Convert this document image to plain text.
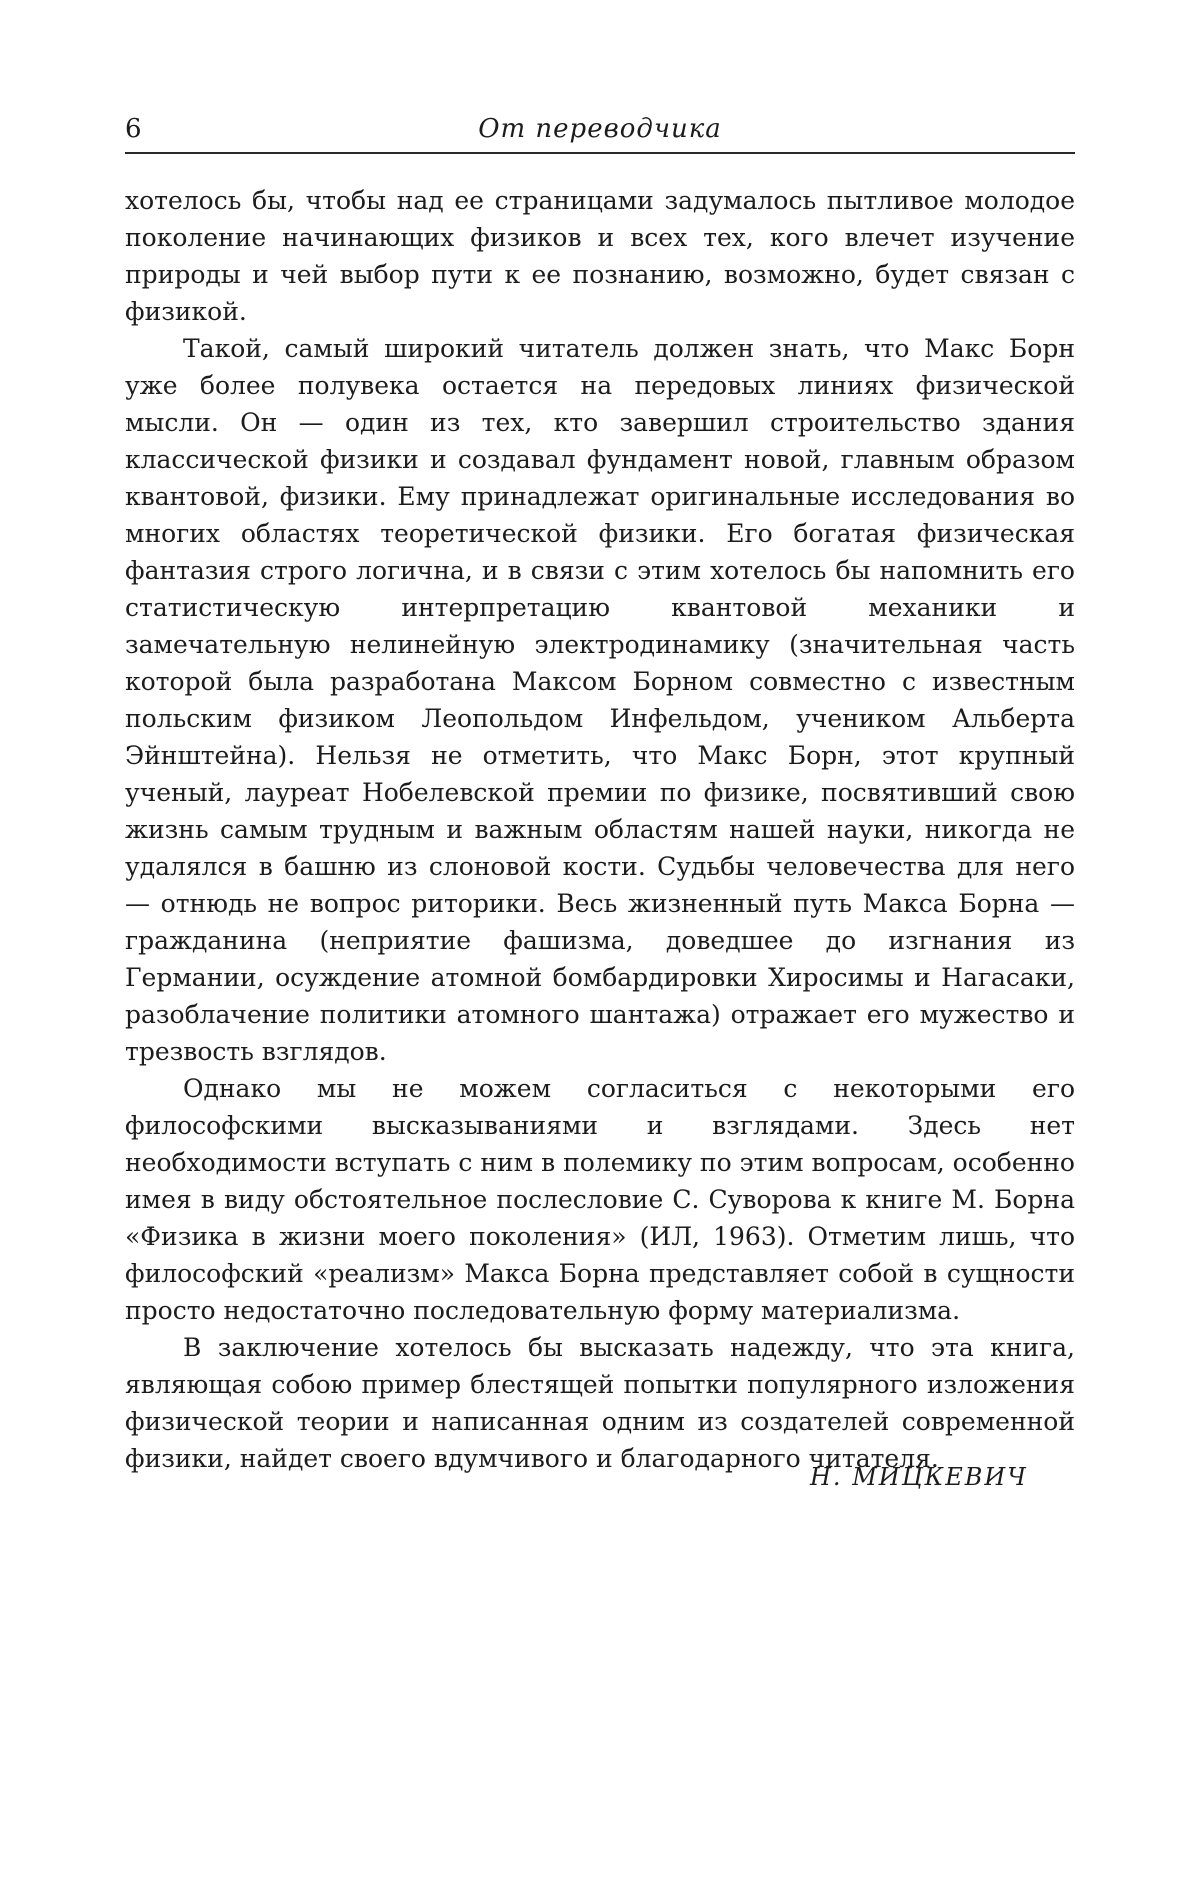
6	От переводчика

хотелось бы, чтобы над ее страницами задумалось пытливое молодое поколение начинающих физиков и всех тех, кого влечет изучение природы и чей выбор пути к ее познанию, возможно, будет связан с физикой.

Такой, самый широкий читатель должен знать, что Макс Борн уже более полувека остается на передовых линиях физической мысли. Он — один из тех, кто завершил строительство здания классической физики и создавал фундамент новой, главным образом квантовой, физики. Ему принадлежат оригинальные исследования во многих областях теоретической физики. Его богатая физическая фантазия строго логична, и в связи с этим хотелось бы напомнить его статистическую интерпретацию квантовой механики и замечательную нелинейную электродинамику (значительная часть которой была разработана Максом Борном совместно с известным польским физиком Леопольдом Инфельдом, учеником Альберта Эйнштейна). Нельзя не отметить, что Макс Борн, этот крупный ученый, лауреат Нобелевской премии по физике, посвятивший свою жизнь самым трудным и важным областям нашей науки, никогда не удалялся в башню из слоновой кости. Судьбы человечества для него — отнюдь не вопрос риторики. Весь жизненный путь Макса Борна — гражданина (неприятие фашизма, доведшее до изгнания из Германии, осуждение атомной бомбардировки Хиросимы и Нагасаки, разоблачение политики атомного шантажа) отражает его мужество и трезвость взглядов.

Однако мы не можем согласиться с некоторыми его философскими высказываниями и взглядами. Здесь нет необходимости вступать с ним в полемику по этим вопросам, особенно имея в виду обстоятельное послесловие С. Суворова к книге М. Борна «Физика в жизни моего поколения» (ИЛ, 1963). Отметим лишь, что философский «реализм» Макса Борна представляет собой в сущности просто недостаточно последовательную форму материализма.

В заключение хотелось бы высказать надежду, что эта книга, являющая собою пример блестящей попытки популярного изложения физической теории и написанная одним из создателей современной физики, найдет своего вдумчивого и благодарного читателя.

Н. МИЦКЕВИЧ
